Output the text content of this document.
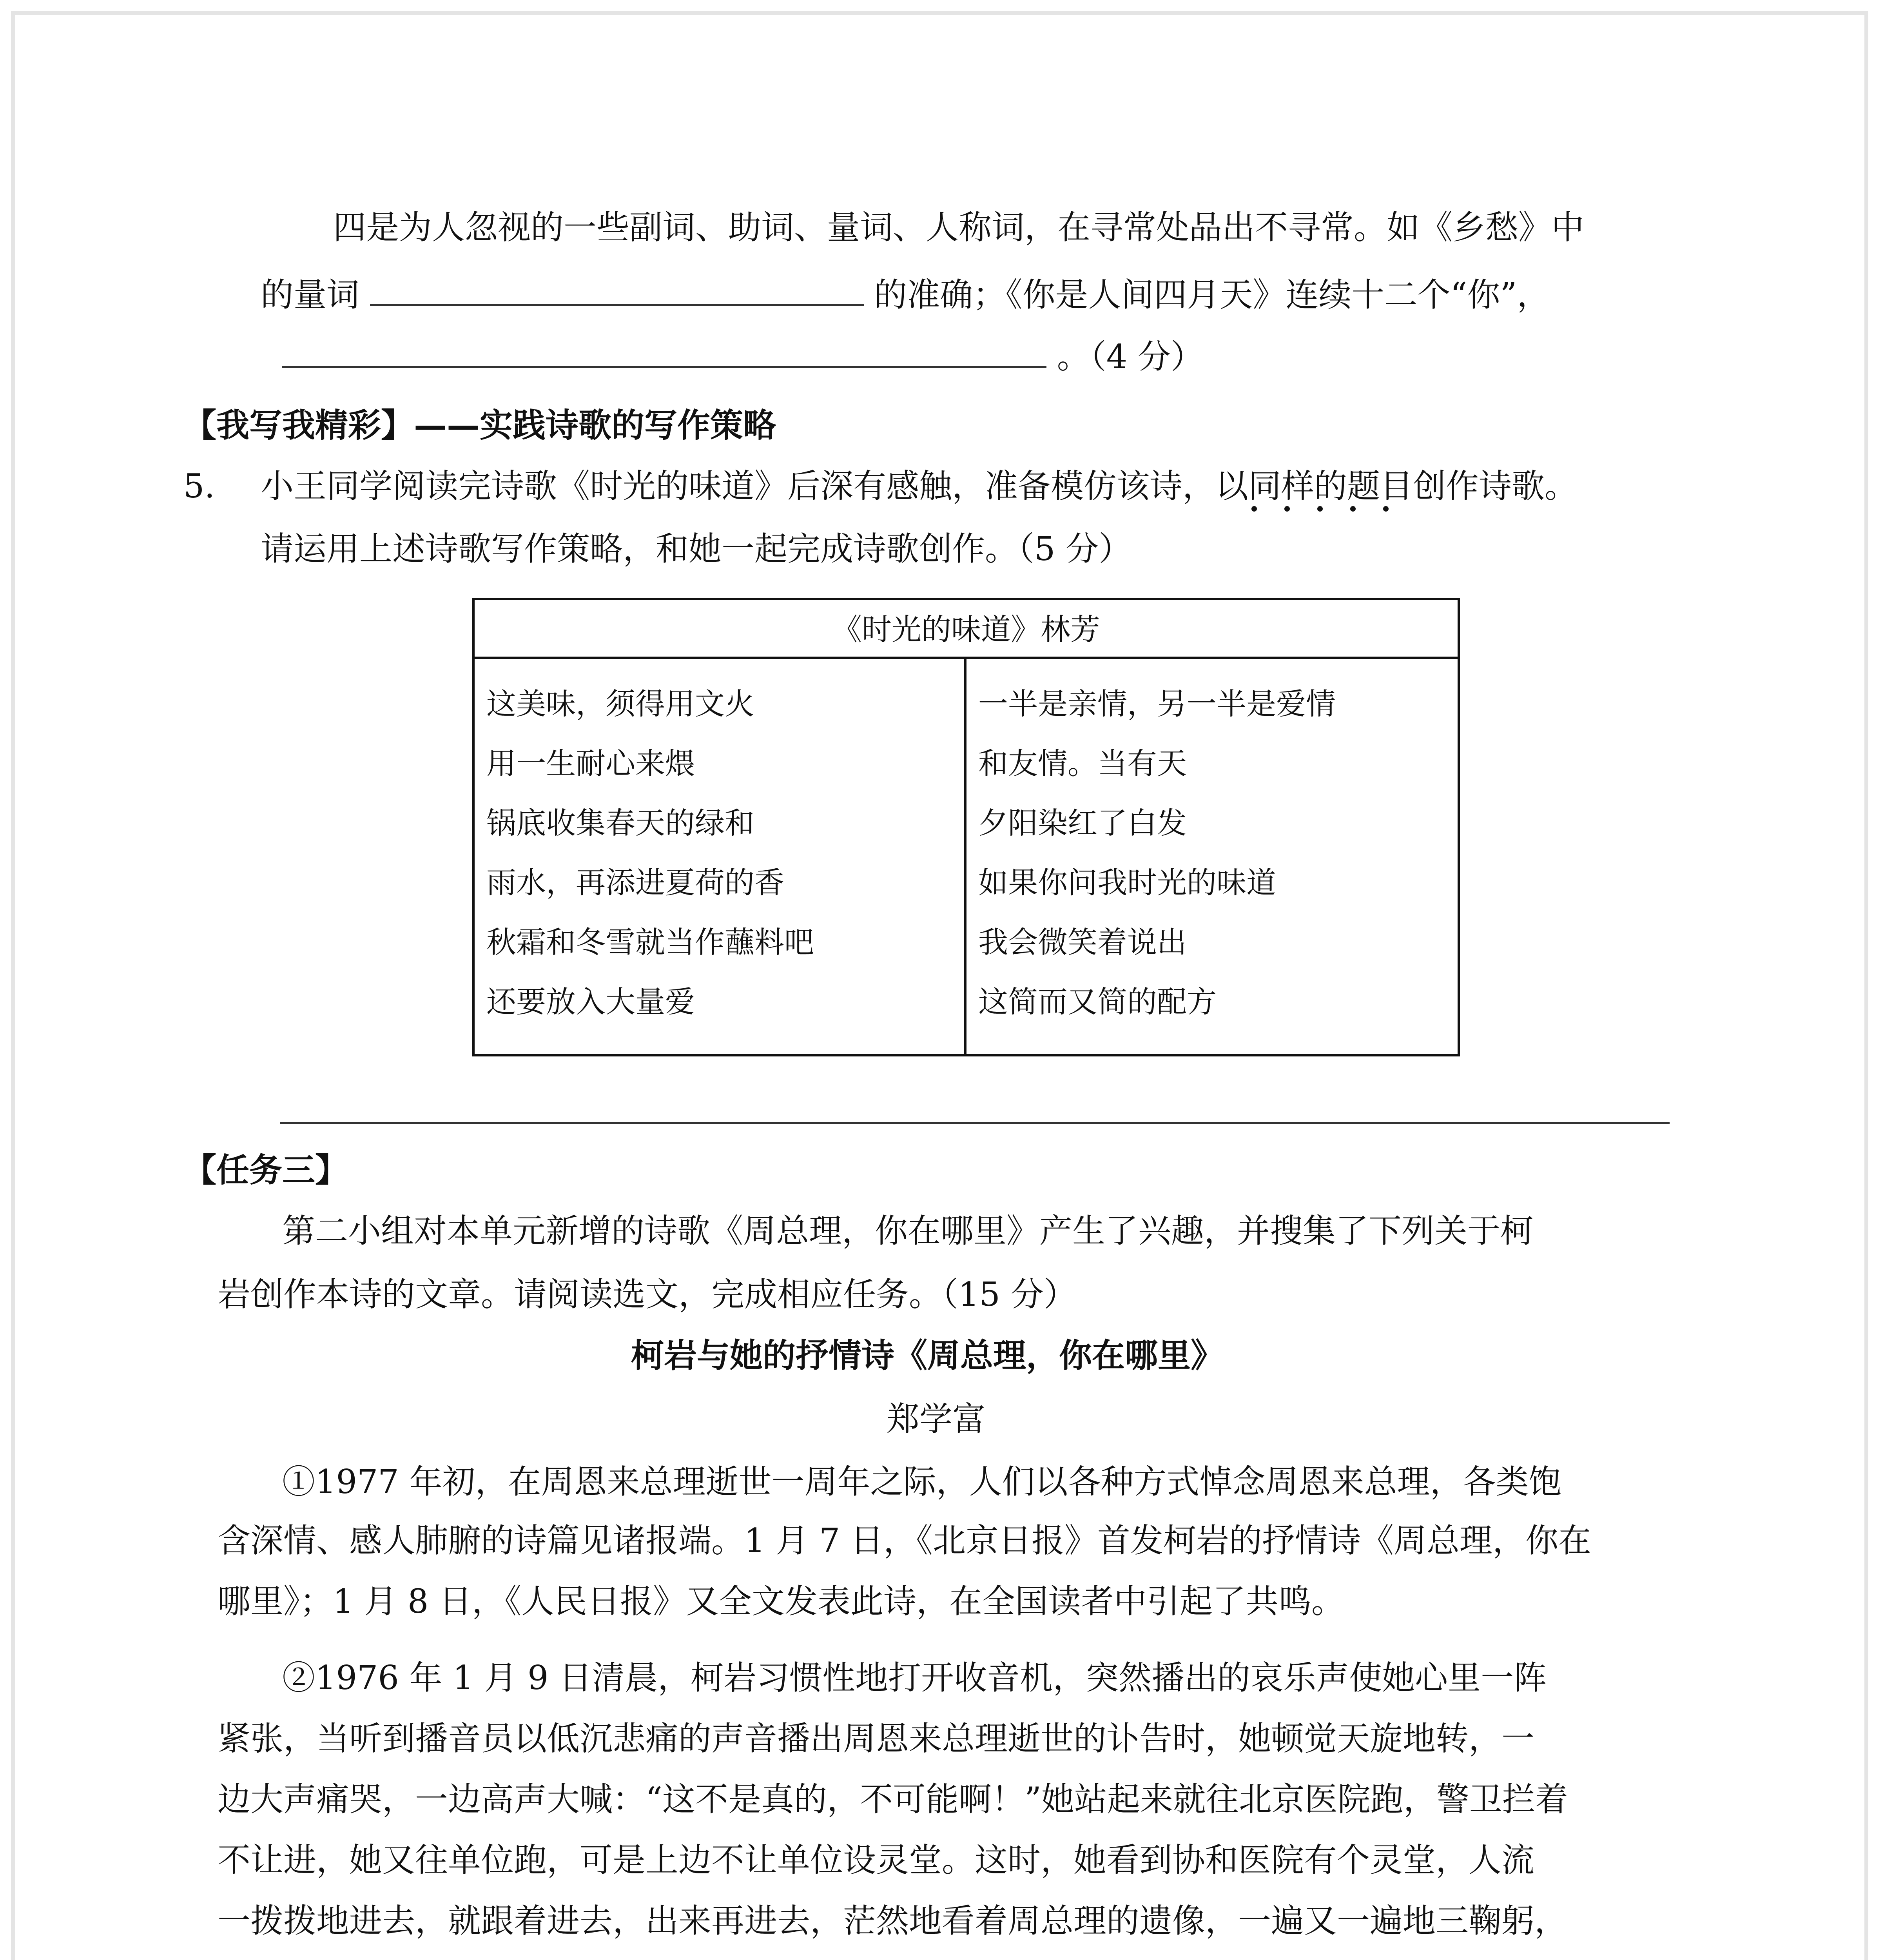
四是为人忽视的一些副词、助词、量词、人称词，在寻常处品出不寻常。如《乡愁》中
的量词	的准确；《你是人间四月天》连续十二个“你”，
。（4 分）
【我写我精彩】——实践诗歌的写作策略
5. 小王同学阅读完诗歌《时光的味道》后深有感触，准备模仿该诗，以同样的题目
创作诗歌。
请运用上述诗歌写作策略，和她一起完成诗歌创作。（5 分）
《时光的味道》林芳
这美味，须得用文火
用一生耐心来煨
锅底收集春天的绿和
雨水，再添进夏荷的香
秋霜和冬雪就当作蘸料吧
还要放入大量爱
一半是亲情，另一半是爱情
和友情。当有天
夕阳染红了白发
如果你问我时光的味道
我会微笑着说出
这简而又简的配方
【任务三】
第二小组对本单元新增的诗歌《周总理，你在哪里》产生了兴趣，并搜集了下列关于柯
岩创作本诗的文章。请阅读选文，完成相应任务。（15 分）
柯岩与她的抒情诗《周总理，你在哪里》
郑学富
①1977 年初，在周恩来总理逝世一周年之际，人们以各种方式悼念周恩来总理，各类饱
含深情、感人肺腑的诗篇见诸报端。1 月 7 日，《北京日报》首发柯岩的抒情诗《周总理，你在
哪里》；1 月 8 日，《人民日报》又全文发表此诗，在全国读者中引起了共鸣。
②1976 年 1 月 9 日清晨，柯岩习惯性地打开收音机，突然播出的哀乐声使她心里一阵
紧张，当听到播音员以低沉悲痛的声音播出周恩来总理逝世的讣告时，她顿觉天旋地转，一
边大声痛哭，一边高声大喊：“这不是真的，不可能啊！”她站起来就往北京医院跑，警卫拦着
不让进，她又往单位跑，可是上边不让单位设灵堂。这时，她看到协和医院有个灵堂，人流
一拨拨地进去，就跟着进去，出来再进去，茫然地看着周总理的遗像，一遍又一遍地三鞠躬，
